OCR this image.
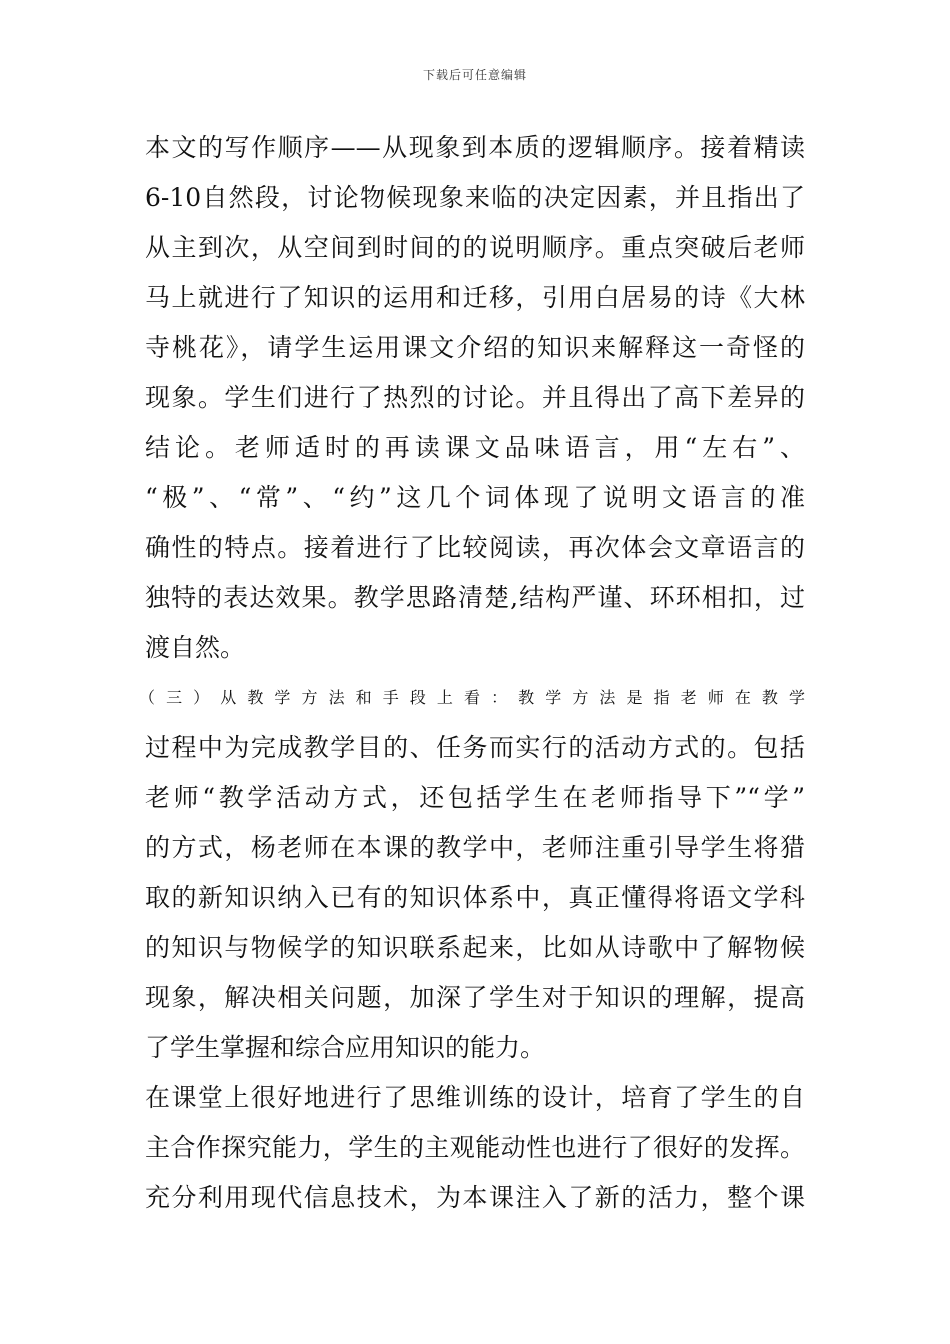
下载后可任意编辑
本文的写作顺序——从现象到本质的逻辑顺序。接着精读
6-10自然段，讨论物候现象来临的决定因素，并且指出了
从主到次，从空间到时间的的说明顺序。重点突破后老师
马上就进行了知识的运用和迁移，引用白居易的诗《大林
寺桃花》，请学生运用课文介绍的知识来解释这一奇怪的
现象。学生们进行了热烈的讨论。并且得出了高下差异的
结论。老师适时的再读课文品味语言，用“左右”、
“极”、“常”、“约”这几个词体现了说明文语言的准
确性的特点。接着进行了比较阅读，再次体会文章语言的
独特的表达效果。教学思路清楚,结构严谨、环环相扣，过
渡自然。
（三）从教学方法和手段上看：教学方法是指老师在教学
过程中为完成教学目的、任务而实行的活动方式的。包括
老师“教学活动方式，还包括学生在老师指导下”“学”
的方式，杨老师在本课的教学中，老师注重引导学生将猎
取的新知识纳入已有的知识体系中，真正懂得将语文学科
的知识与物候学的知识联系起来，比如从诗歌中了解物候
现象，解决相关问题，加深了学生对于知识的理解，提高
了学生掌握和综合应用知识的能力。
在课堂上很好地进行了思维训练的设计，培育了学生的自
主合作探究能力，学生的主观能动性也进行了很好的发挥。
充分利用现代信息技术，为本课注入了新的活力，整个课
